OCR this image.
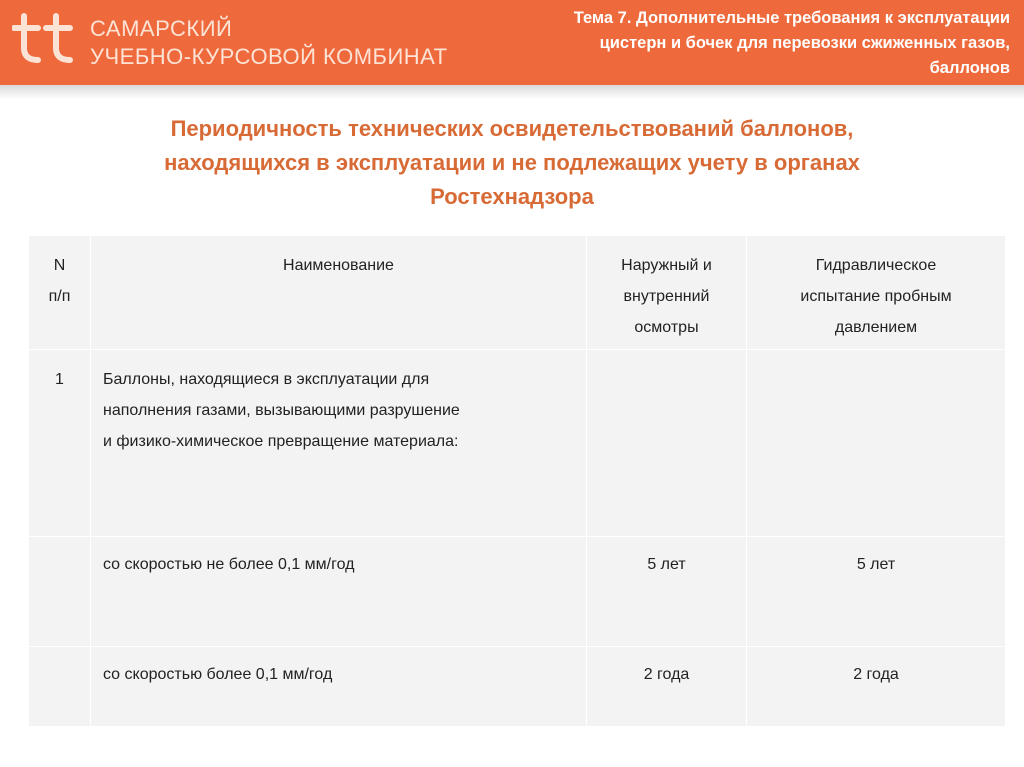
САМАРСКИЙ
УЧЕБНО-КУРСОВОЙ КОМБИНАТ
Тема 7. Дополнительные требования к эксплуатации
цистерн и бочек для перевозки сжиженных газов,
баллонов
Периодичность технических освидетельствований баллонов,
находящихся в эксплуатации и не подлежащих учету в органах
Ростехнадзора
N
п/п	Наименование	Наружный и
внутренний
осмотры	Гидравлическое
испытание пробным
давлением

1	Баллоны, находящиеся в эксплуатации для
наполнения газами, вызывающими разрушение
и физико-химическое превращение материала:		

	со скоростью не более 0,1 мм/год	5 лет	5 лет
	со скоростью более 0,1 мм/год	2 года	2 года
